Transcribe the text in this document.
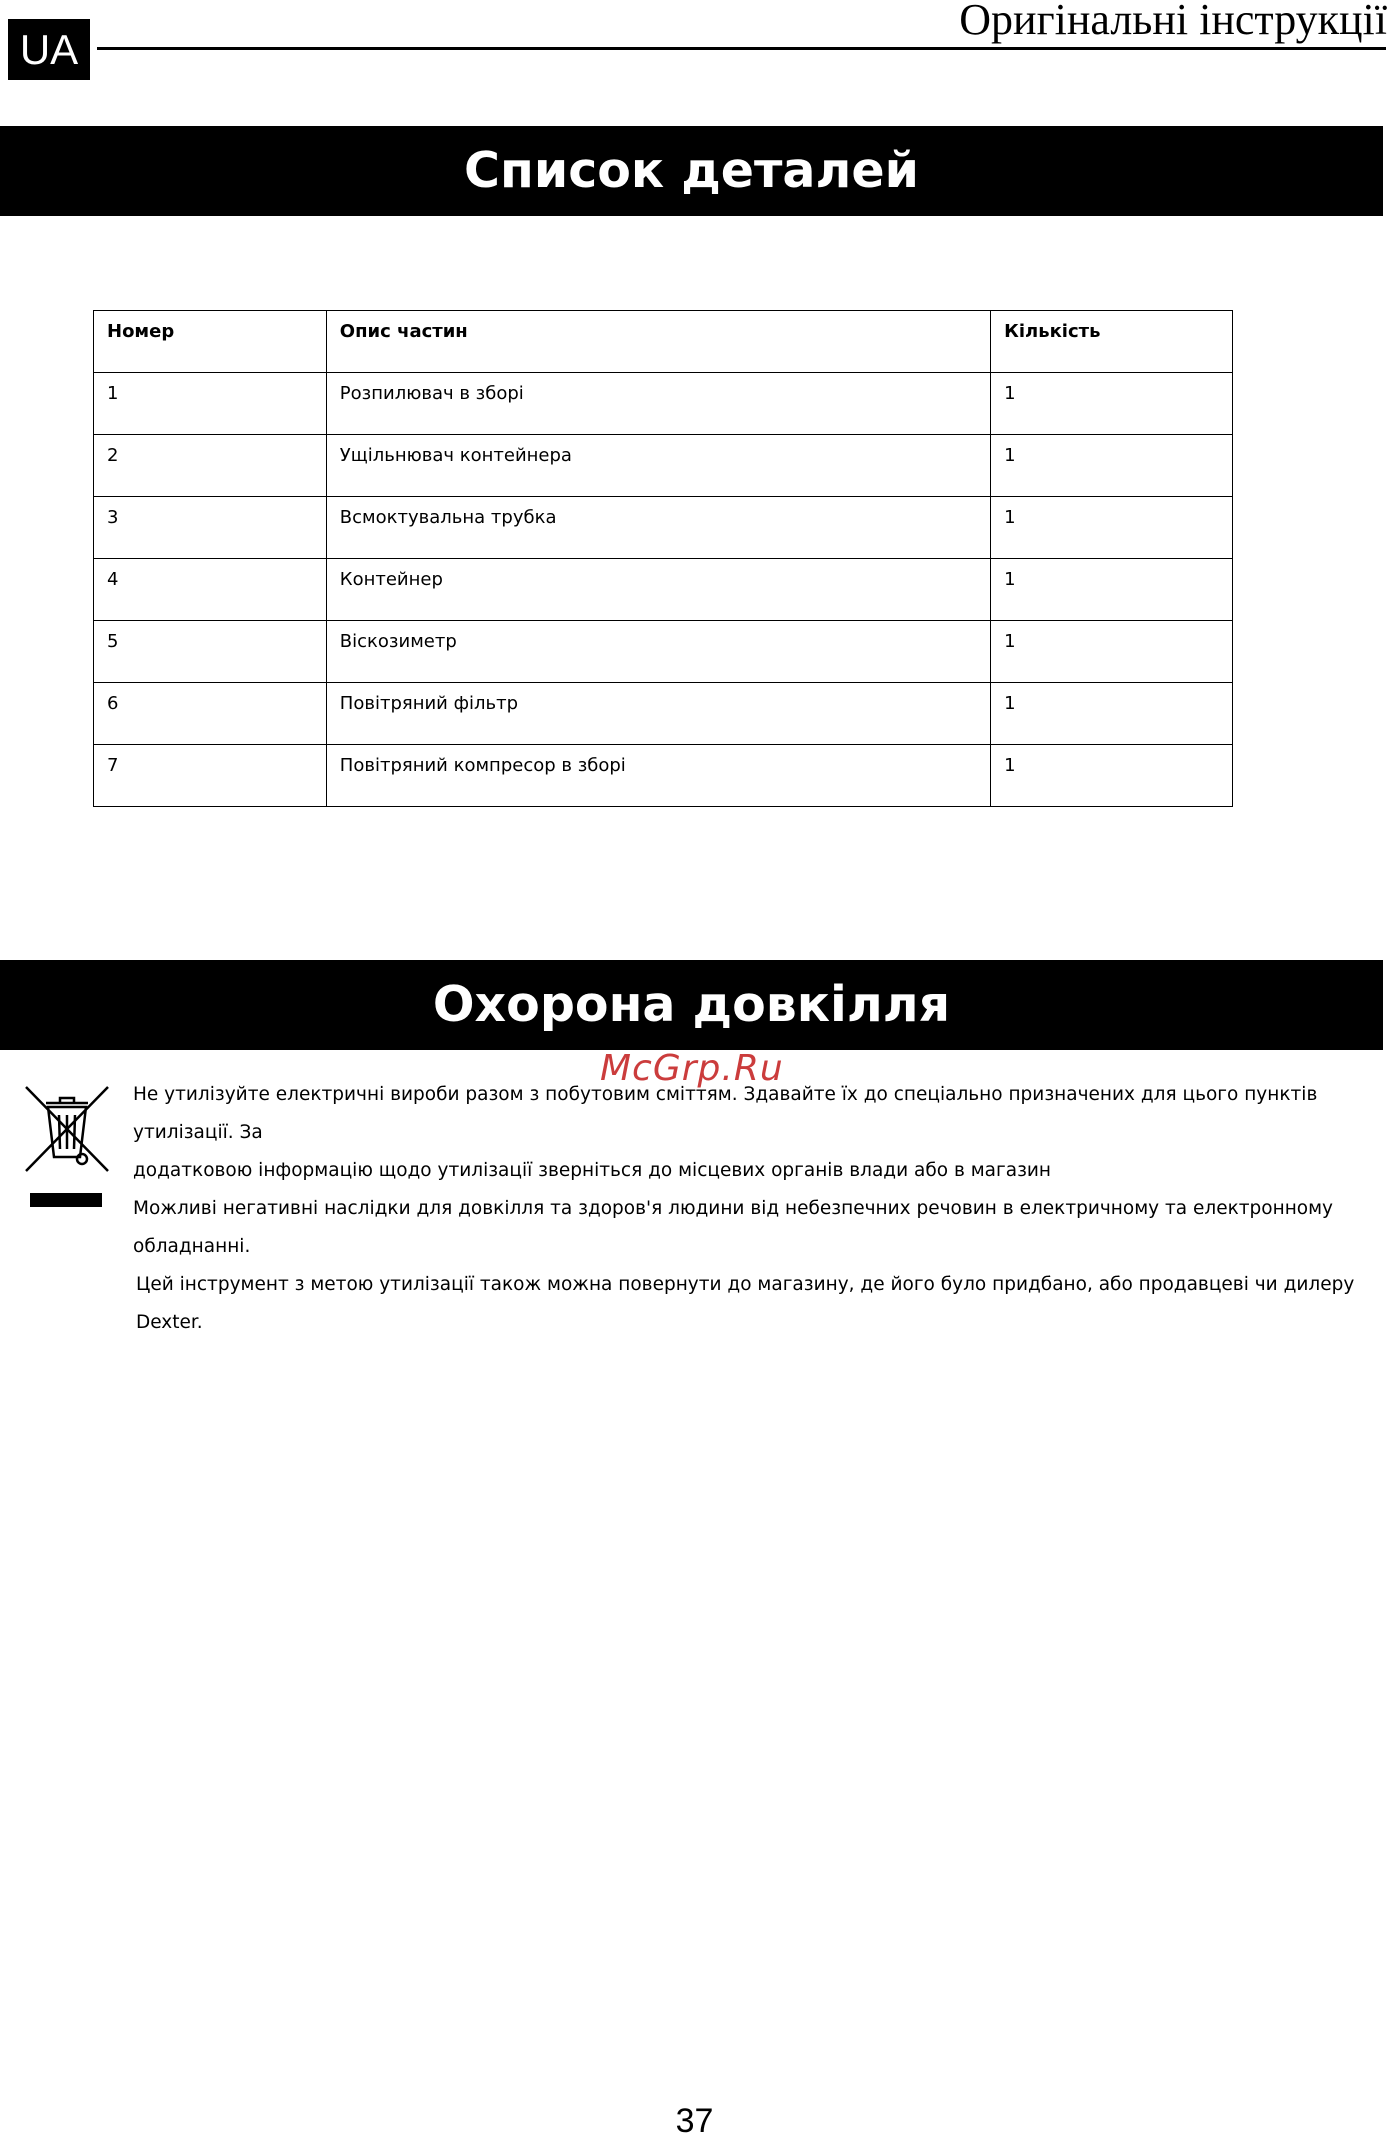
UA
Оригінальні інструкції
Список деталей
Номер	Опис частин	Кількість
1	Розпилювач в зборі	1
2	Ущільнювач контейнера	1
3	Всмоктувальна трубка	1
4	Контейнер	1
5	Віскозиметр	1
6	Повітряний фільтр	1
7	Повітряний компресор в зборі	1
Охорона довкілля

Не утилізуйте електричні вироби разом з побутовим сміттям. Здавайте їх до спеціально призначених для цього пунктів утилізації. За

додатковою інформацію щодо утилізації зверніться до місцевих органів влади або в магазин

Можливі негативні наслідки для довкілля та здоров'я людини від небезпечних речовин в електричному та електронному

обладнанні.

Цей інструмент з метою утилізації також можна повернути до магазину, де його було придбано, або продавцеві чи дилеру Dexter.

McGrp.Ru

37
